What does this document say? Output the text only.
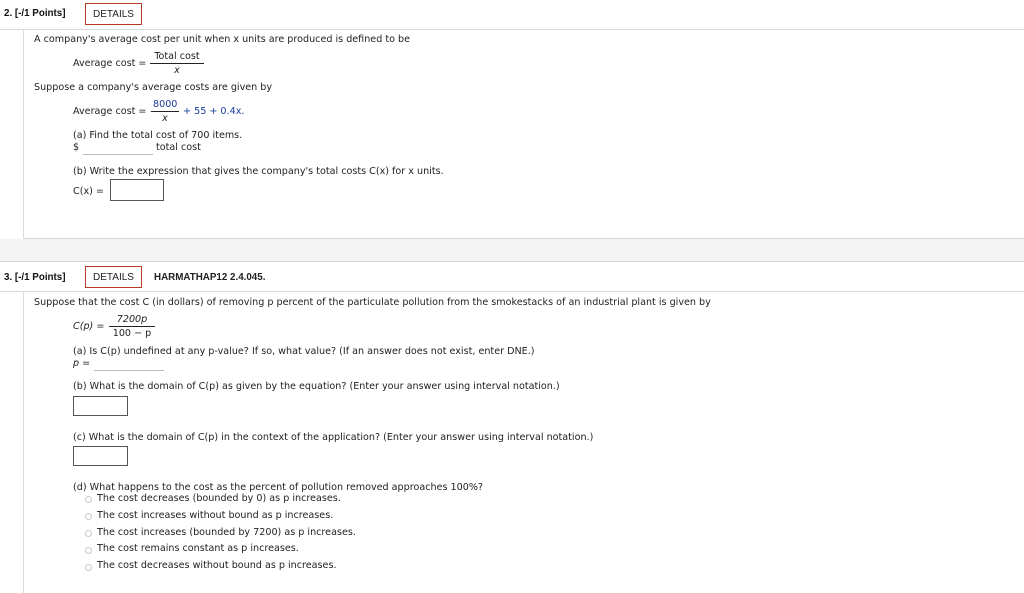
2. [-/1 Points]	DETAILS
A company's average cost per unit when x units are produced is defined to be
Average cost =
Total cost
x
Suppose a company's average costs are given by
Average $\cos t = \frac{8000}{x} + 55 + 0.4x$.
(a) Find the total cost of 700 items.
$	total cost
(b) Write the expression that gives the company's total costs C(x) for x units.
C(x) =
3. [-/1 Points]	DETAILS	HARMATHAP12 2.4.045.
Suppose that the cost C (in dollars) of removing p percent of the particulate pollution from the smokestacks of an industrial plant is given by
$C(p) = \frac{7200p}{100 - p}$
(a) Is C(p) undefined at any p-value? If so, what value? (If an answer does not exist, enter DNE.)
p =
(b) What is the domain of C(p) as given by the equation? (Enter your answer using interval notation.)
(c) What is the domain of C(p) in the context of the application? (Enter your answer using interval notation.)
(d) What happens to the cost as the percent of pollution removed approaches 100%?
The cost decreases (bounded by 0) as p increases.
The cost increases without bound as p increases.
The cost increases (bounded by 7200) as p increases.
The cost remains constant as p increases.
The cost decreases without bound as p increases.
